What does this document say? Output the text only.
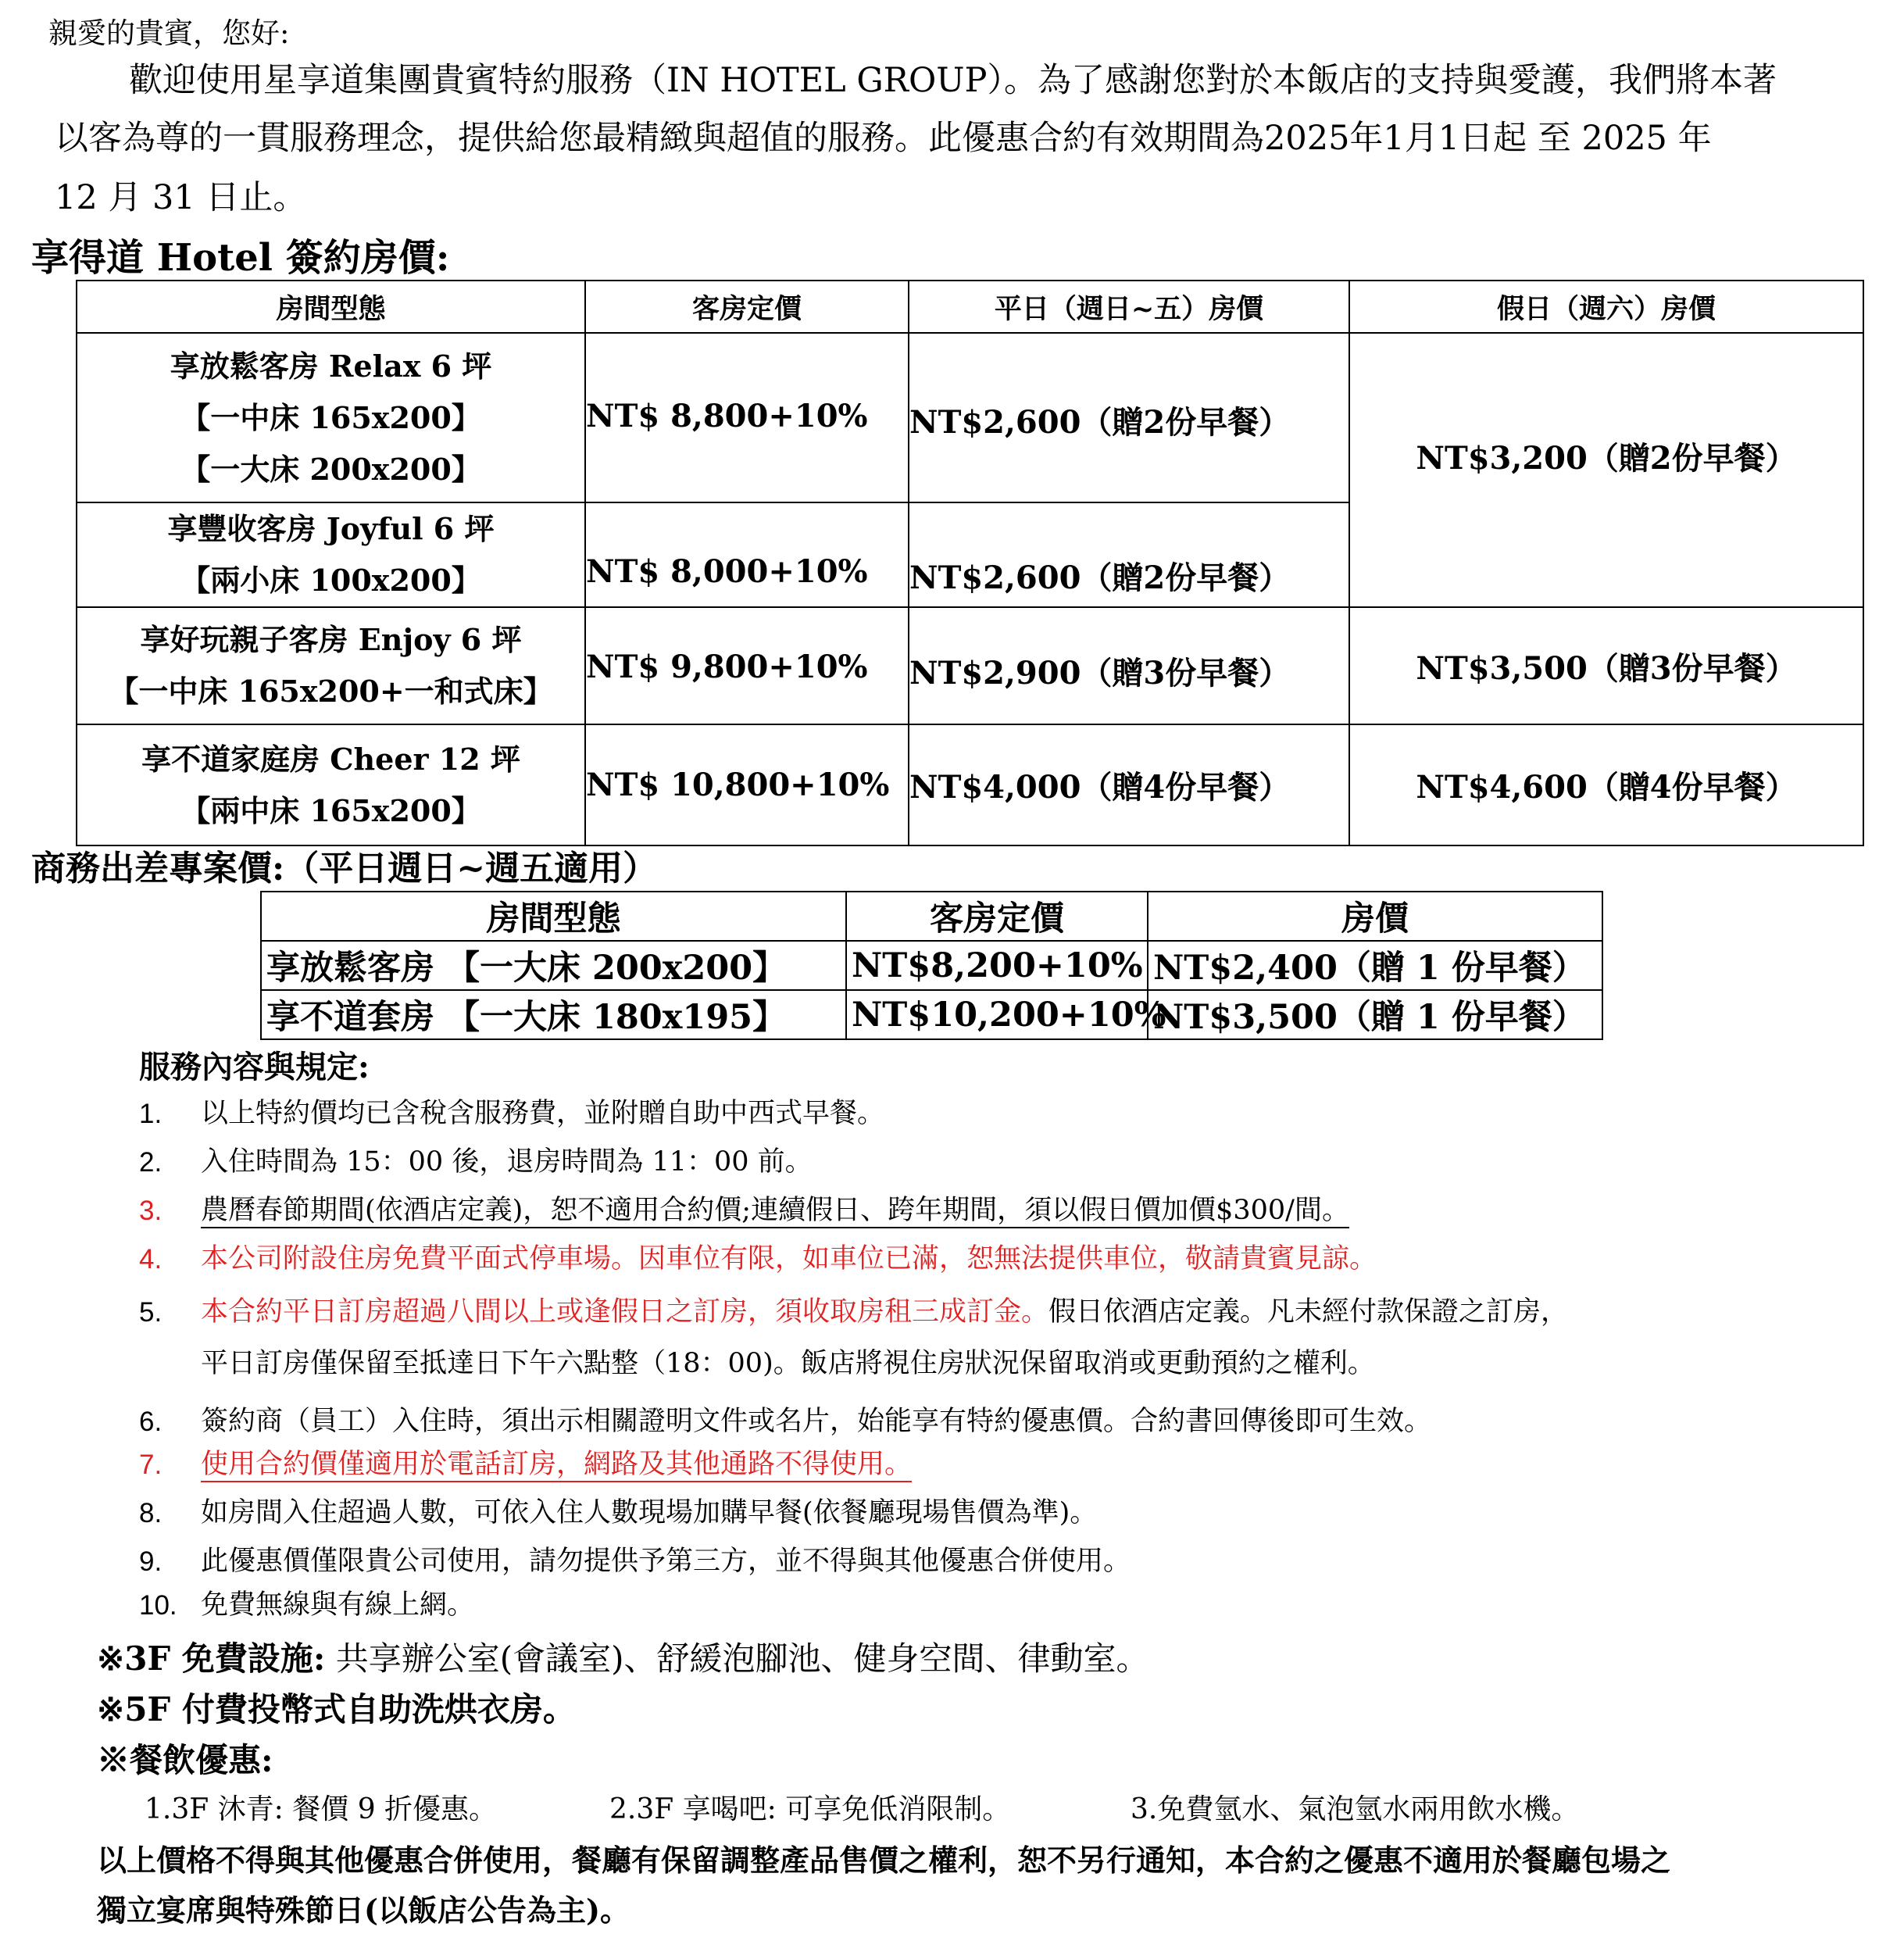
親愛的貴賓，您好:
歡迎使用星享道集團貴賓特約服務（IN HOTEL GROUP）。為了感謝您對於本飯店的支持與愛護，我們將本著
以客為尊的一貫服務理念，提供給您最精緻與超值的服務。此優惠合約有效期間為2025年1月1日起 至 2025 年
12 月 31 日止。
享得道 Hotel 簽約房價:
房間型態	客房定價	平日（週日~五）房價	假日（週六）房價

享放鬆客房 Relax 6 坪
【一中床 165x200】
【一大床 200x200】	NT$ 8,800+10%	NT$2,600（贈2份早餐）	NT$3,200（贈2份早餐）

享豐收客房 Joyful 6 坪
【兩小床 100x200】	NT$ 8,000+10%	NT$2,600（贈2份早餐）	

享好玩親子客房 Enjoy 6 坪
【一中床 165x200+一和式床】	NT$ 9,800+10%	NT$2,900（贈3份早餐）	NT$3,500（贈3份早餐）

享不道家庭房 Cheer 12 坪
【兩中床 165x200】	NT$ 10,800+10%	NT$4,000（贈4份早餐）	NT$4,600（贈4份早餐）
商務出差專案價:（平日週日~週五適用）
房間型態	客房定價	房價
享放鬆客房 【一大床 200x200】	NT$8,200+10%	NT$2,400（贈 1 份早餐）
享不道套房 【一大床 180x195】	NT$10,200+10%	NT$3,500（贈 1 份早餐）
服務內容與規定:
1. 以上特約價均已含稅含服務費，並附贈自助中西式早餐。
2. 入住時間為 15：00 後，退房時間為 11：00 前。
3. 農曆春節期間(依酒店定義)，恕不適用合約價;連續假日、跨年期間，須以假日價加價$300/間。
4. 本公司附設住房免費平面式停車場。因車位有限，如車位已滿，恕無法提供車位，敬請貴賓見諒。
5. 本合約平日訂房超過八間以上或逢假日之訂房，須收取房租三成訂金。假日依酒店定義。凡未經付款保證之訂房，
平日訂房僅保留至抵達日下午六點整（18：00)。飯店將視住房狀況保留取消或更動預約之權利。
6. 簽約商（員工）入住時，須出示相關證明文件或名片，始能享有特約優惠價。合約書回傳後即可生效。
7. 使用合約價僅適用於電話訂房，網路及其他通路不得使用。
8. 如房間入住超過人數，可依入住人數現場加購早餐(依餐廳現場售價為準)。
9. 此優惠價僅限貴公司使用，請勿提供予第三方，並不得與其他優惠合併使用。
10. 免費無線與有線上網。
※3F 免費設施: 共享辦公室(會議室)、舒緩泡腳池、健身空間、律動室。
※5F 付費投幣式自助洗烘衣房。
※餐飲優惠:
1.3F 沐青: 餐價 9 折優惠。	2.3F 享喝吧: 可享免低消限制。	3.免費氫水、氣泡氫水兩用飲水機。
以上價格不得與其他優惠合併使用，餐廳有保留調整產品售價之權利，恕不另行通知，本合約之優惠不適用於餐廳包場之
獨立宴席與特殊節日(以飯店公告為主)。
